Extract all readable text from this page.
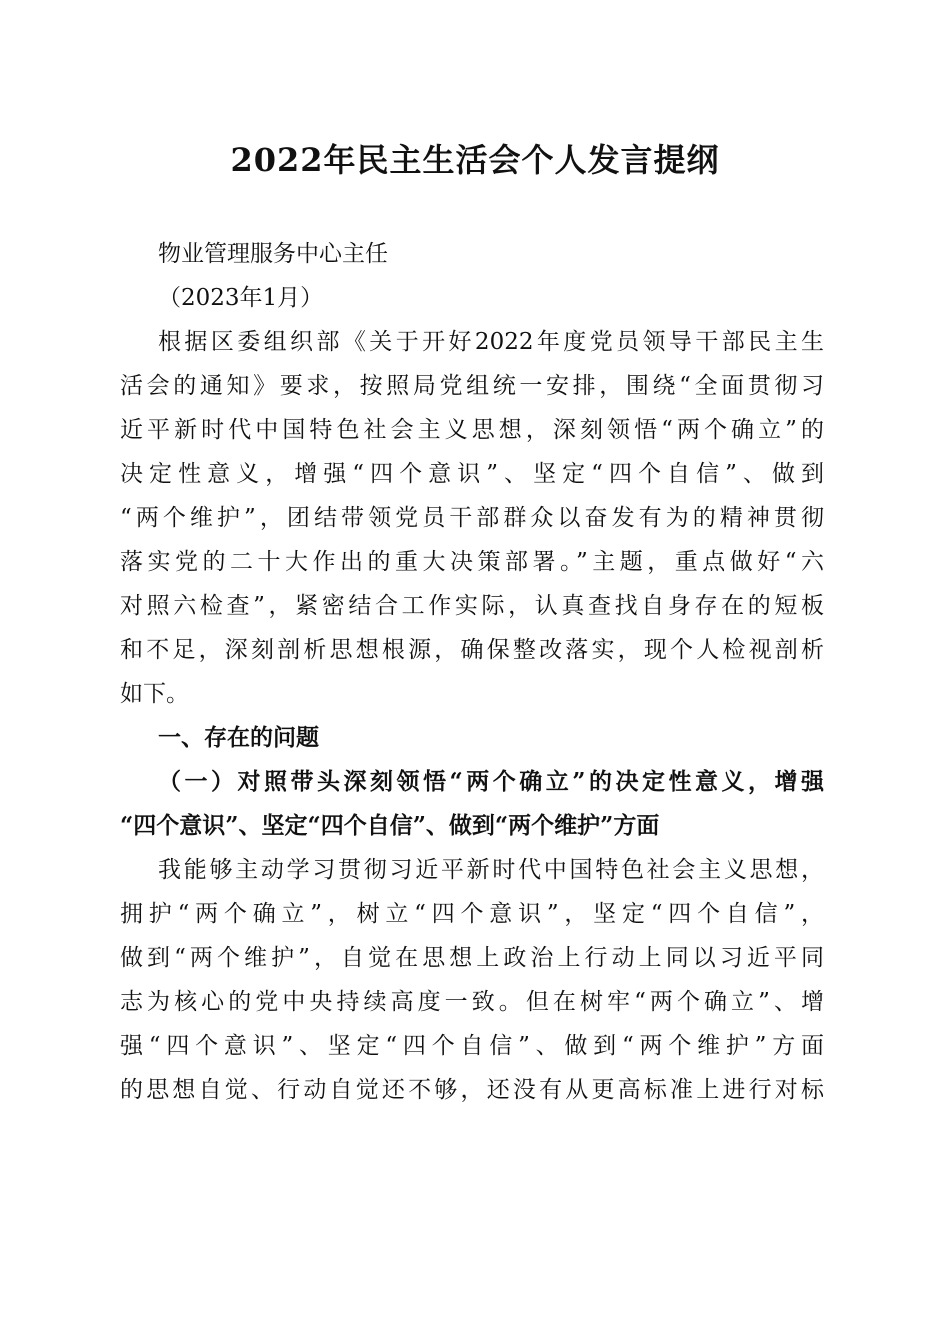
2022年民主生活会个人发言提纲
物业管理服务中心主任
（2023年1月）
根据区委组织部《关于开好2022年度党员领导干部民主生
活会的通知》要求，按照局党组统一安排，围绕“全面贯彻习
近平新时代中国特色社会主义思想，深刻领悟“两个确立”的
决定性意义，增强“四个意识”、坚定“四个自信”、做到
“两个维护”，团结带领党员干部群众以奋发有为的精神贯彻
落实党的二十大作出的重大决策部署。”主题，重点做好“六
对照六检查”，紧密结合工作实际，认真查找自身存在的短板
和不足，深刻剖析思想根源，确保整改落实，现个人检视剖析
如下。
一、存在的问题
（一）对照带头深刻领悟“两个确立”的决定性意义，增强
“四个意识”、坚定“四个自信”、做到“两个维护”方面
我能够主动学习贯彻习近平新时代中国特色社会主义思想，
拥护“两个确立”，树立“四个意识”，坚定“四个自信”，
做到“两个维护”，自觉在思想上政治上行动上同以习近平同
志为核心的党中央持续高度一致。但在树牢“两个确立”、增
强“四个意识”、坚定“四个自信”、做到“两个维护”方面
的思想自觉、行动自觉还不够，还没有从更高标准上进行对标
